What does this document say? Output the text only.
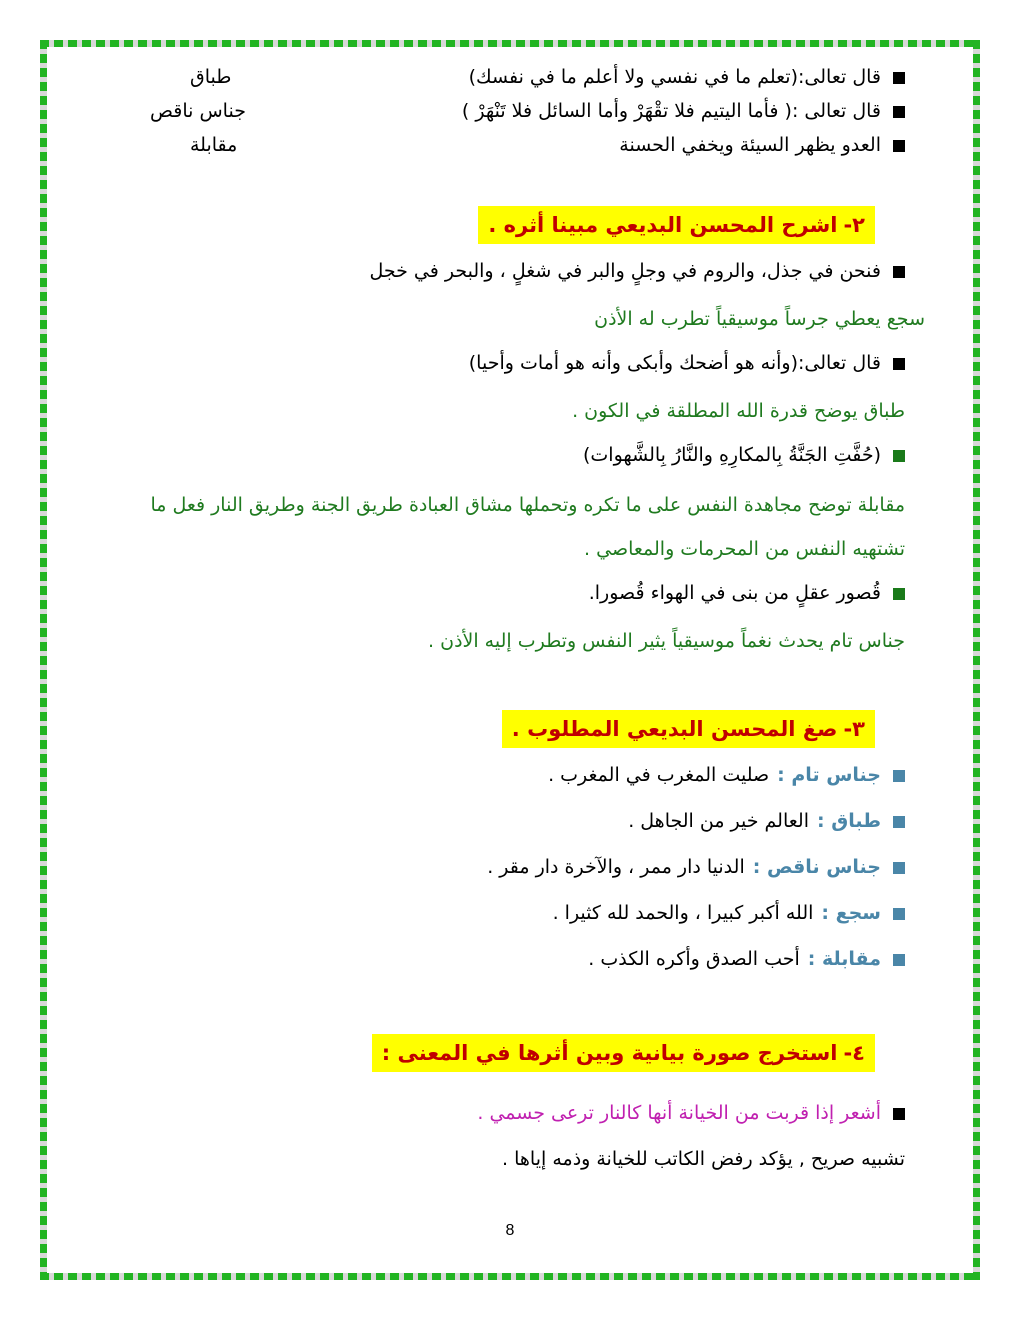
قال تعالى:(تعلم ما في نفسي ولا أعلم ما في نفسك)
طباق
قال تعالى :( فأما اليتيم فلا تقْهَرْ وأما السائل فلا تَنْهَرْ )
جناس ناقص
العدو يظهر السيئة ويخفي الحسنة
مقابلة
٢-اشرح المحسن البديعي مبينا أثره .
فنحن في جذل، والروم في وجلٍ والبر في شغلٍ ، والبحر في خجل
سجع يعطي جرساً موسيقياً تطرب له الأذن
قال تعالى:(وأنه هو أضحك وأبكى وأنه هو أمات وأحيا)
طباق يوضح قدرة الله المطلقة في الكون .
(حُفَّتِ الجَنَّةُ بِالمكارِهِ والنَّارُ بِالشَّهوات)
مقابلة توضح مجاهدة النفس على ما تكره وتحملها مشاق العبادة طريق الجنة وطريق النار فعل ما
تشتهيه النفس من المحرمات والمعاصي .
قُصور عقلٍ من بنى في الهواء قُصورا.
جناس تام يحدث نغماً موسيقياً يثير النفس وتطرب إليه الأذن .
٣-صغ المحسن البديعي المطلوب .
جناس تام :صليت المغرب في المغرب .
طباق :العالم خير من الجاهل .
جناس ناقص :الدنيا دار ممر ، والآخرة دار مقر .
سجع :الله أكبر كبيرا ، والحمد لله كثيرا .
مقابلة :أحب الصدق وأكره الكذب .
٤-استخرج صورة بيانية وبين أثرها في المعنى :
أشعر إذا قربت من الخيانة أنها كالنار ترعى جسمي .
تشبيه صريح , يؤكد رفض الكاتب للخيانة وذمه إياها .
8
